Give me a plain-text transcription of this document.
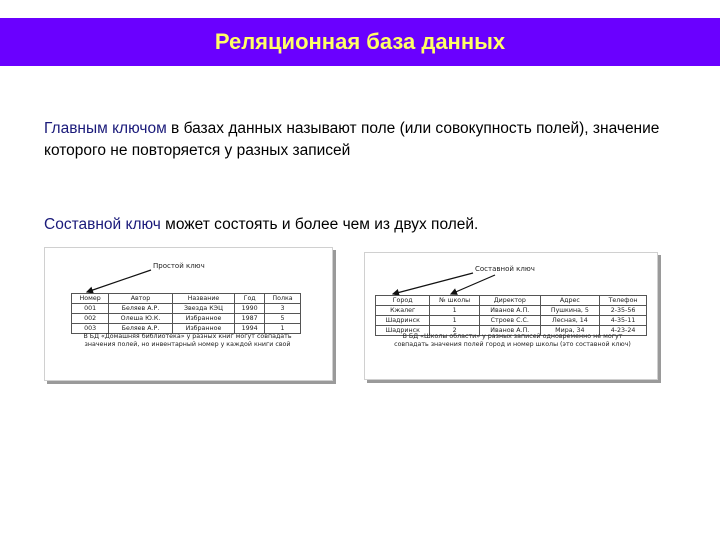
Реляционная база данных
Главным ключом в базах данных называют поле (или совокупность полей), значение которого не повторяется у разных записей
Составной ключ может состоять и более чем из двух полей.
Простой ключ
Номер	Автор	Название	Год	Полка
001	Беляев А.Р.	Звезда КЭЦ	1990	3
002	Олеша Ю.К.	Избранное	1987	5
003	Беляев А.Р.	Избранное	1994	1
В БД «Домашняя библиотека» у разных книг могут совпадать значения полей, но инвентарный номер у каждой книги свой
Составной ключ
Город	№ школы	Директор	Адрес	Телефон
Кжалег	1	Иванов А.П.	Пушкина, 5	2-35-56
Шадринск	1	Строев С.С.	Лесная, 14	4-35-11
Шадринск	2	Иванов А.П.	Мира, 34	4-23-24
В БД «Школы области» у разных записей одновременно не могут совпадать значения полей город и номер школы (это составной ключ)
